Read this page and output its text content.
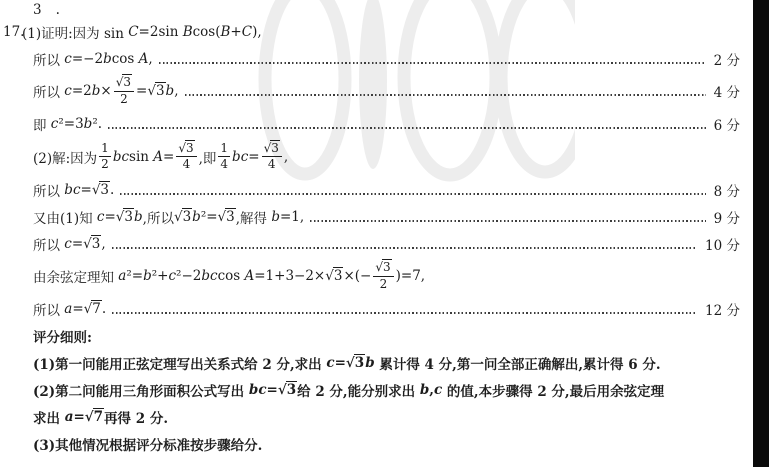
3 .
17.
(1)证明:因为 sin C =2sin B cos( B + C ),
所以 c =−2 b cos A ,	2 分
所以 c =2 $b \times \frac{√3}{2} = √3$ b ,	4 分
即 c ²=3 b ².	6 分
(2)解:因为
1
2 bc $\sin A = \frac{√3}{4}$ ,即
1
4 bc = $\frac{√3}{4}$ ,
所以 bc = √3 .	8 分
又由(1)知 c = √3 b ,所以 √3 b ²= √3 ,解得 b =1,	9 分
所以 c = √3 ,	10 分
由余弦定理知 a ²= b ²+ c ²−2 bc cos A =1+3−2× √3 ×(− $\frac{√3}{2} )=7$,
所以 a = √7 .	12 分
评分细则:
(1)第一问能用正弦定理写出关系式给 2 分,求出 c = √3 b 累计得 4 分,第一问全部正确解出,累计得 6 分.
(2)第二问能用三角形面积公式写出 bc = √3 给 2 分,能分别求出 b , c 的值,本步骤得 2 分,最后用余弦定理
求出 a = √7 再得 2 分.
(3)其他情况根据评分标准按步骤给分.
